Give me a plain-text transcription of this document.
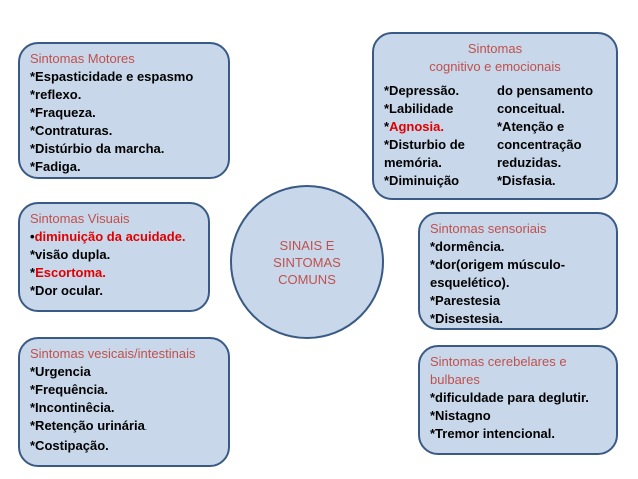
Sintomas Motores
*Espasticidade e espasmo
*reflexo.
*Fraqueza.
*Contraturas.
*Distúrbio da marcha.
*Fadiga.
Sintomas Visuais
•diminuição da acuidade.
*visão dupla.
*Escortoma.
*Dor ocular.
Sintomas vesicais/intestinais
*Urgencia
*Frequência.
*Incontinêcia.
*Retenção urinária.
*Costipação.
SINAIS E
SINTOMAS
COMUNS
Sintomas
cognitivo e emocionais
*Depressão.
*Labilidade
*Agnosia.
*Disturbio de memória.
*Diminuição
do pensamento conceitual.
*Atenção e concentração reduzidas.
*Disfasia.
Sintomas sensoriais
*dormência.
*dor(origem músculo-esquelético).
*Parestesia
*Disestesia.
Sintomas cerebelares e bulbares
*dificuldade para deglutir.
*Nistagno
*Tremor intencional.
